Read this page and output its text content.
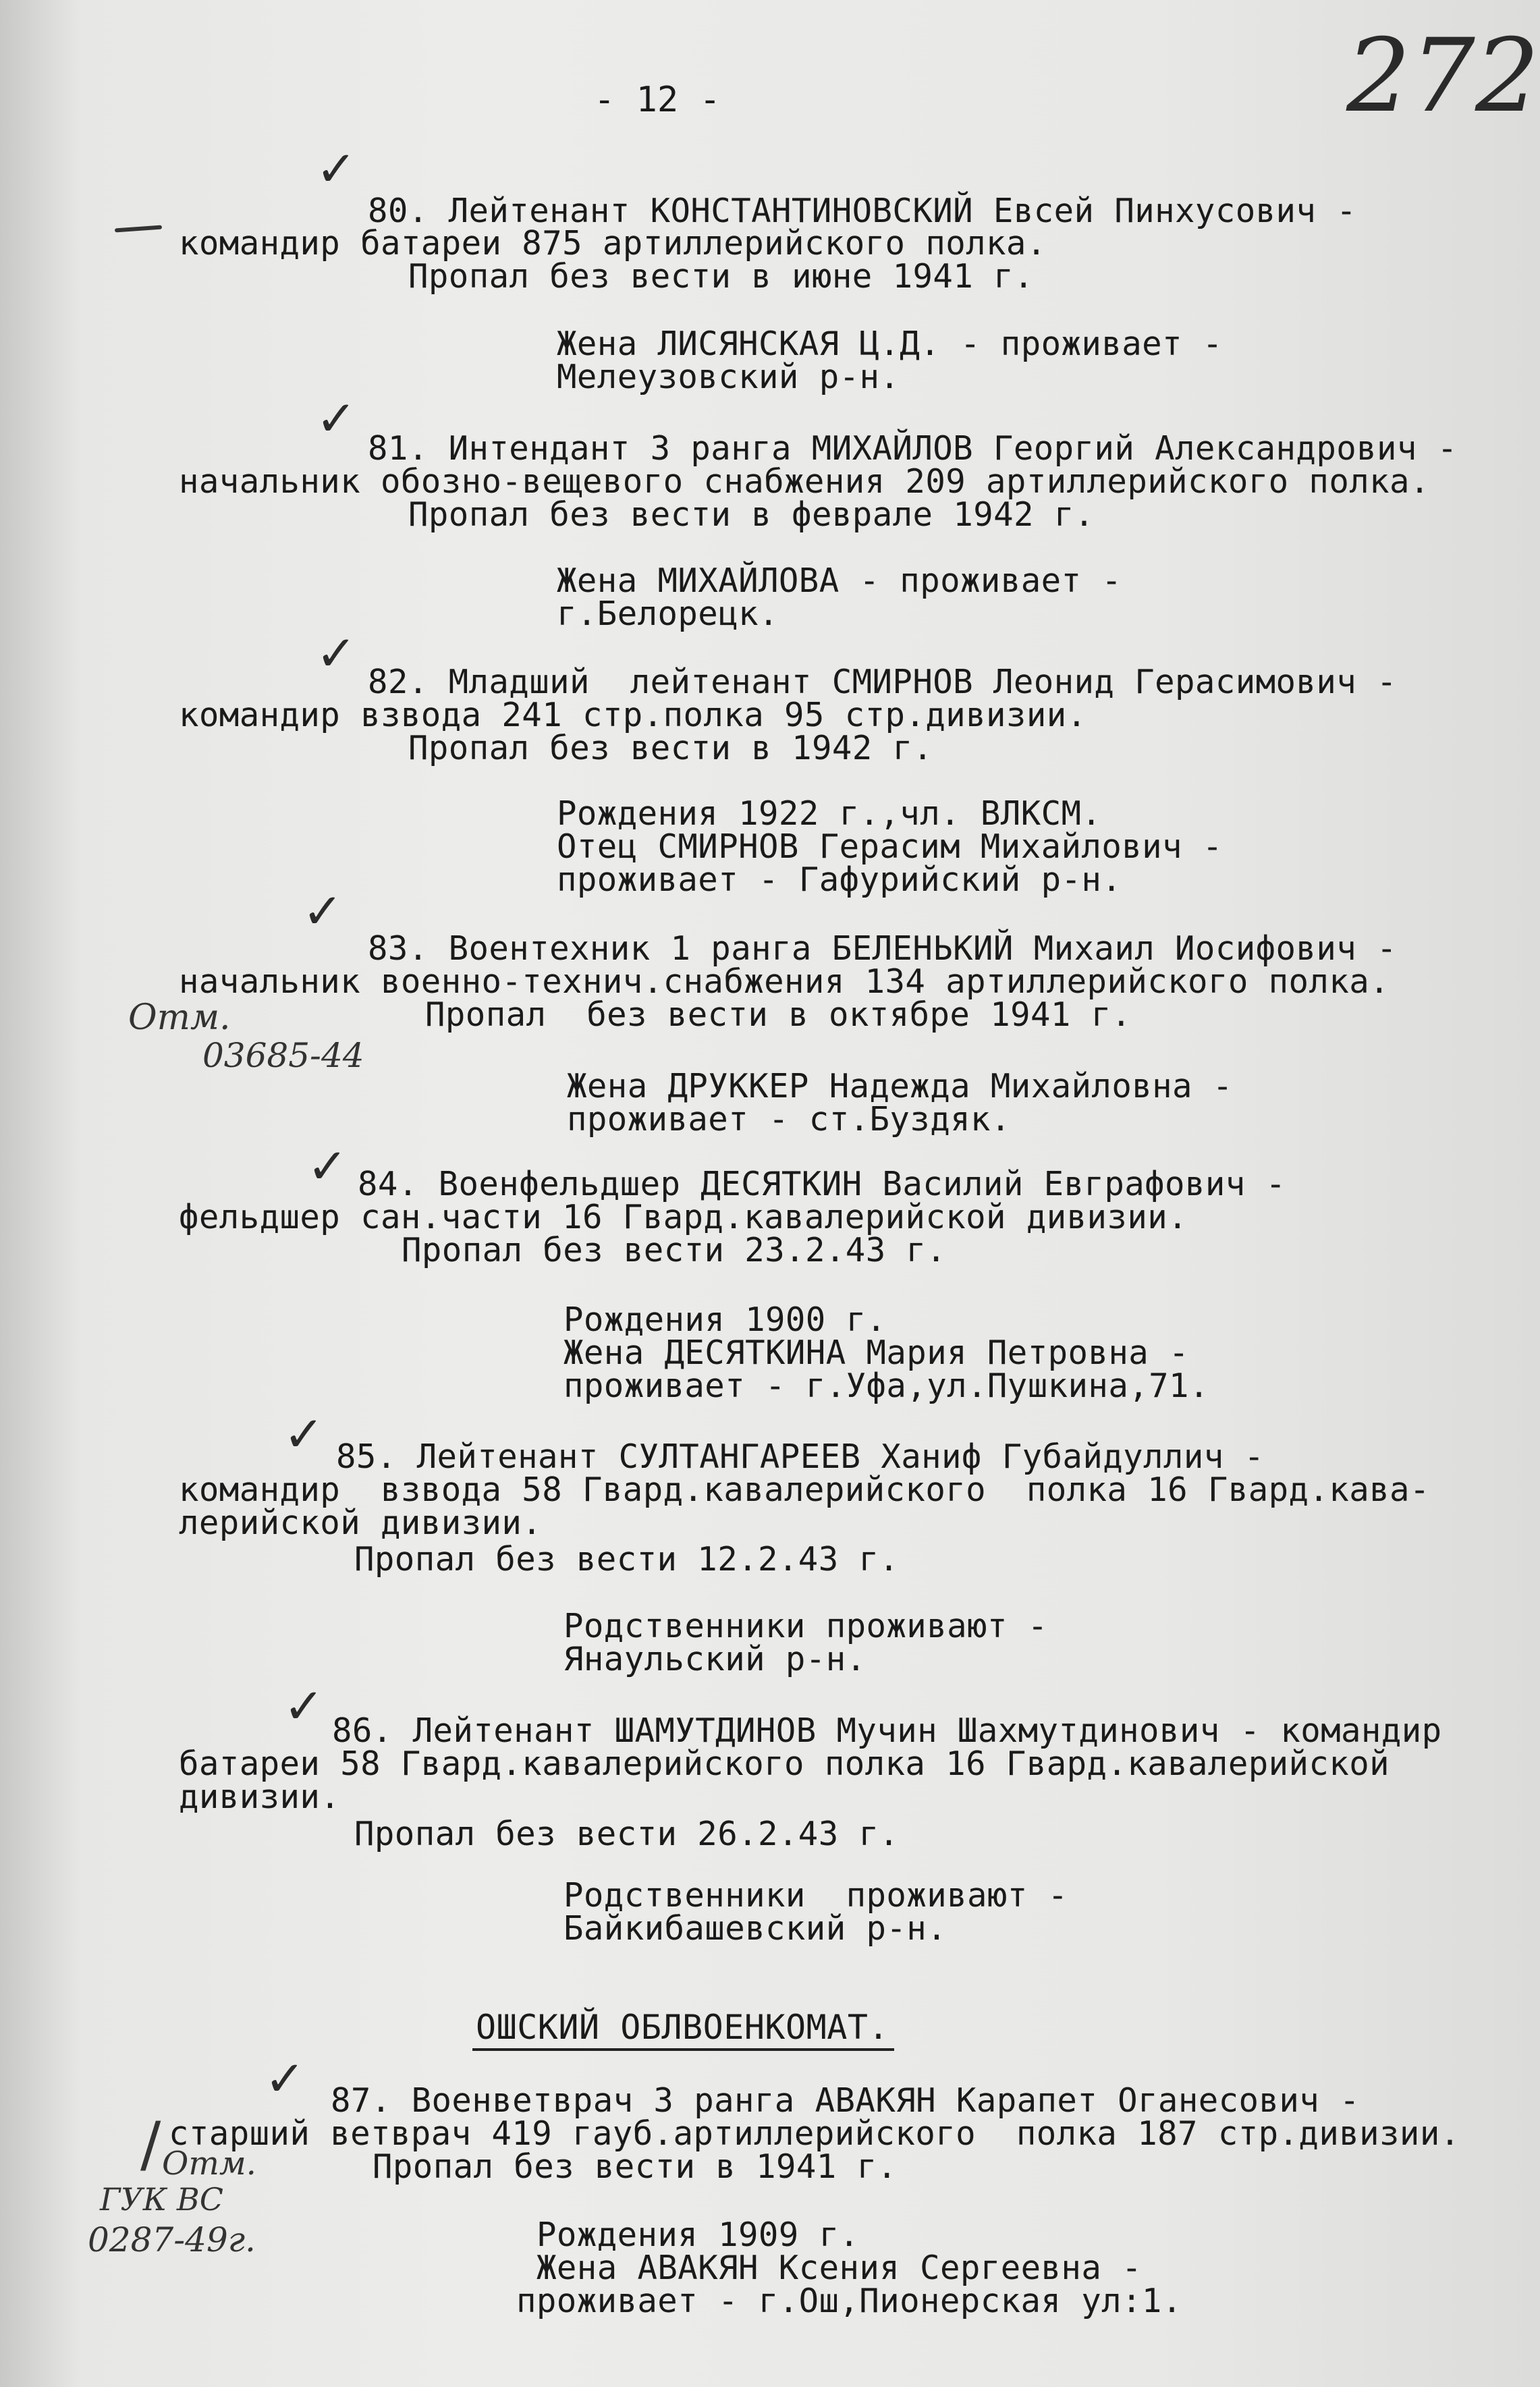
272
- 12 -
✓
80. Лейтенант КОНСТАНТИНОВСКИЙ Евсей Пинхусович -
командир батареи 875 артиллерийского полка.
Пропал без вести в июне 1941 г.
Жена ЛИСЯНСКАЯ Ц.Д. - проживает -
Мелеузовский р-н.
✓
81. Интендант 3 ранга МИХАЙЛОВ Георгий Александрович -
начальник обозно-вещевого снабжения 209 артиллерийского полка.
Пропал без вести в феврале 1942 г.
Жена МИХАЙЛОВА - проживает -
г.Белорецк.
✓
82. Младший  лейтенант СМИРНОВ Леонид Герасимович -
командир взвода 241 стр.полка 95 стр.дивизии.
Пропал без вести в 1942 г.
Рождения 1922 г.,чл. ВЛКСМ.
Отец СМИРНОВ Герасим Михайлович -
проживает - Гафурийский р-н.
✓
83. Воентехник 1 ранга БЕЛЕНЬКИЙ Михаил Иосифович -
начальник военно-технич.снабжения 134 артиллерийского полка.
Отм.
03685-44
Пропал  без вести в октябре 1941 г.
Жена ДРУККЕР Надежда Михайловна -
проживает - ст.Буздяк.
✓ 84. Военфельдшер ДЕСЯТКИН Василий Евграфович -
фельдшер сан.части 16 Гвард.кавалерийской дивизии.
Пропал без вести 23.2.43 г.
Рождения 1900 г.
Жена ДЕСЯТКИНА Мария Петровна -
проживает - г.Уфа,ул.Пушкина,71.
✓ 85. Лейтенант СУЛТАНГАРЕЕВ Ханиф Губайдуллич -
командир  взвода 58 Гвард.кавалерийского  полка 16 Гвард.кава-
лерийской дивизии.
Пропал без вести 12.2.43 г.
Родственники проживают -
Янаульский р-н.
✓ 86. Лейтенант ШАМУТДИНОВ Мучин Шахмутдинович - командир
батареи 58 Гвард.кавалерийского полка 16 Гвард.кавалерийской
дивизии.
Пропал без вести 26.2.43 г.
Родственники  проживают -
Байкибашевский р-н.
ОШСКИЙ ОБЛВОЕНКОМАТ.
✓
/
87. Военветврач 3 ранга АВАКЯН Карапет Оганесович -
старший ветврач 419 гауб.артиллерийского  полка 187 стр.дивизии.
Пропал без вести в 1941 г.
Отм.
ГУК ВС
0287-49г.	Рождения 1909 г.
Жена АВАКЯН Ксения Сергеевна -
проживает - г.Ош,Пионерская ул:1.
